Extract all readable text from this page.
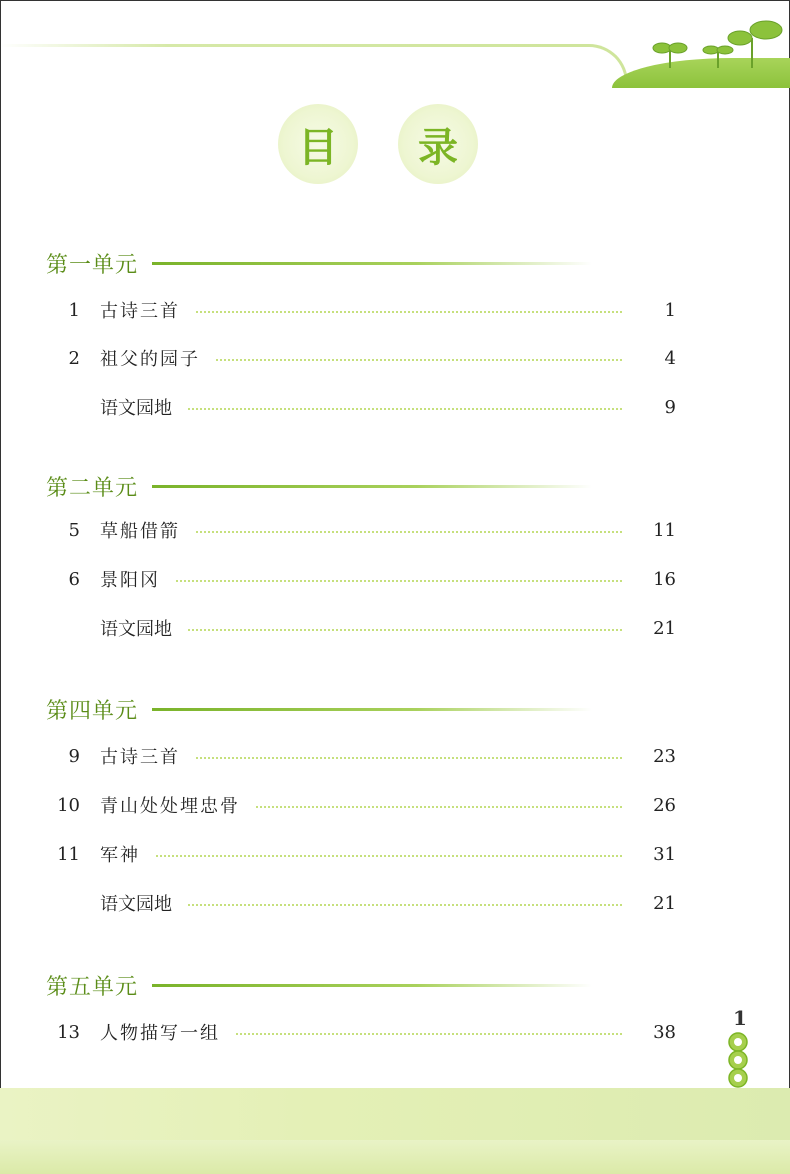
目	录
第一单元
1 古诗三首	1
2 祖父的园子	4
语文园地	9
第二单元
5 草船借箭	11
6 景阳冈	16
语文园地	21
第四单元
9 古诗三首	23
10 青山处处埋忠骨	26
11 军神	31
语文园地	21
第五单元
13 人物描写一组	38
1
